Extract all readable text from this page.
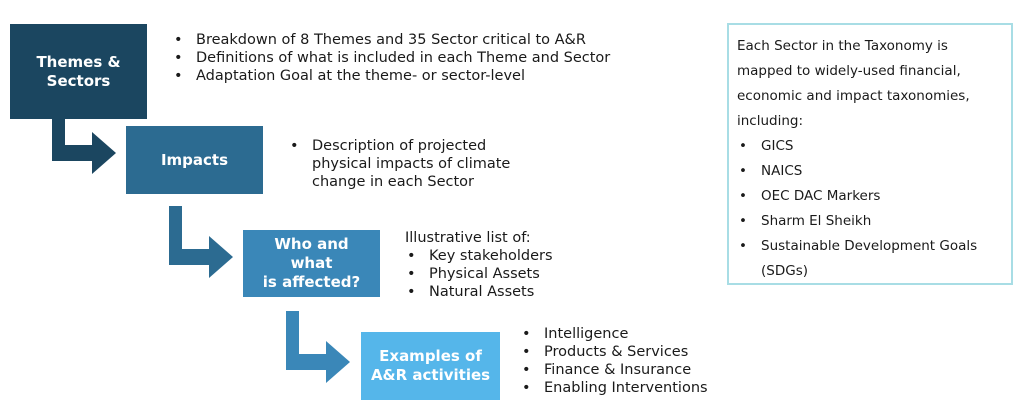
Themes &
Sectors
• Breakdown of 8 Themes and 35 Sector critical to A&R
• Definitions of what is included in each Theme and Sector
• Adaptation Goal at the theme- or sector-level
Impacts
• Description of projected
physical impacts of climate
change in each Sector
Who and what
is affected?
Illustrative list of:
• Key stakeholders
• Physical Assets
• Natural Assets
Examples of
A&R activities
• Intelligence
• Products & Services
• Finance & Insurance
• Enabling Interventions

Each Sector in the Taxonomy is mapped to widely-used financial, economic and impact taxonomies, including:

• GICS
• NAICS
• OEC DAC Markers
• Sharm El Sheikh
• Sustainable Development Goals (SDGs)
